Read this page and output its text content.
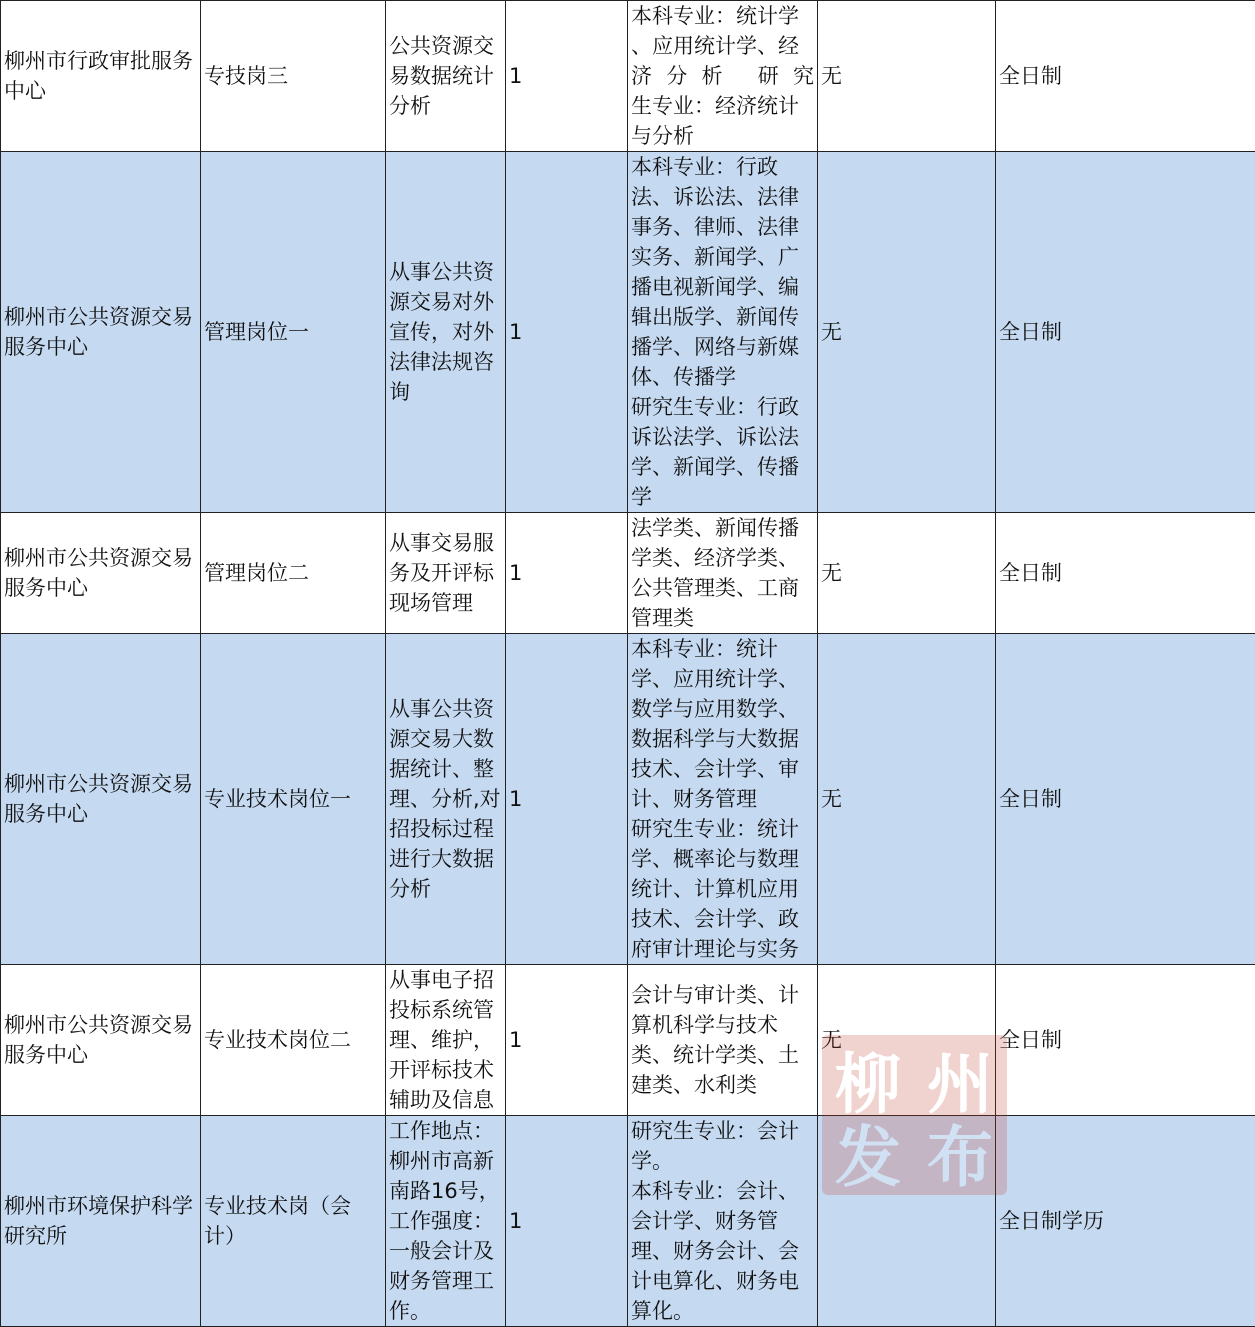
柳州市行政审批服务中心	专技岗三	公共资源交易数据统计分析	1	本科专业：统计学
、应用统计学、经
济分析 研究
生专业：经济统计
与分析	无	全日制
柳州市公共资源交易服务中心	管理岗位一	从事公共资源交易对外宣传，对外法律法规咨询	1	本科专业：行政法、诉讼法、法律事务、律师、法律实务、新闻学、广播电视新闻学、编辑出版学、新闻传播学、网络与新媒体、传播学
研究生专业：行政诉讼法学、诉讼法学、新闻学、传播学	无	全日制
柳州市公共资源交易服务中心	管理岗位二	从事交易服务及开评标现场管理	1	法学类、新闻传播学类、经济学类、公共管理类、工商管理类	无	全日制
柳州市公共资源交易服务中心	专业技术岗位一	从事公共资源交易大数据统计、整理、分析,对招投标过程进行大数据分析	1	本科专业：统计学、应用统计学、数学与应用数学、数据科学与大数据技术、会计学、审计、财务管理
研究生专业：统计学、概率论与数理统计、计算机应用技术、会计学、政府审计理论与实务	无	全日制
柳州市公共资源交易服务中心	专业技术岗位二	从事电子招投标系统管理、维护，开评标技术辅助及信息	1	会计与审计类、计算机科学与技术类、统计学类、土建类、水利类	无	全日制
柳州市环境保护科学研究所	专业技术岗（会计）	工作地点：柳州市高新南路16号，工作强度：一般会计及财务管理工作。	1	研究生专业：会计学。
本科专业：会计、会计学、财务管理、财务会计、会计电算化、财务电算化。		全日制学历
柳 州
发 布
